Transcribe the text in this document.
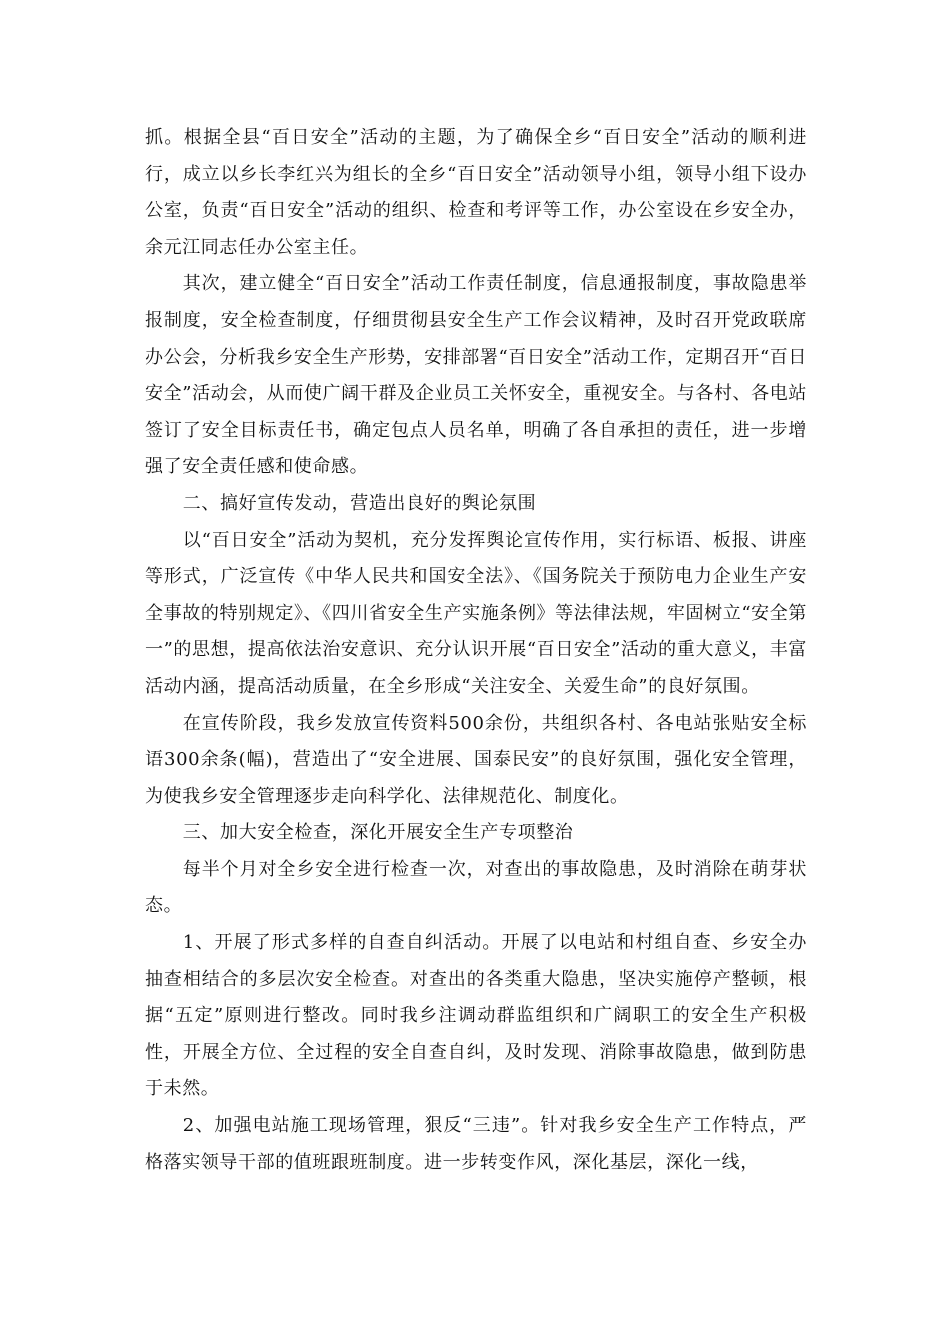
抓。根据全县“百日安全”活动的主题，为了确保全乡“百日安全”活动的顺利进行，成立以乡长李红兴为组长的全乡“百日安全”活动领导小组，领导小组下设办公室，负责“百日安全”活动的组织、检查和考评等工作，办公室设在乡安全办，余元江同志任办公室主任。

其次，建立健全“百日安全”活动工作责任制度，信息通报制度，事故隐患举报制度，安全检查制度，仔细贯彻县安全生产工作会议精神，及时召开党政联席办公会，分析我乡安全生产形势，安排部署“百日安全”活动工作，定期召开“百日安全”活动会，从而使广阔干群及企业员工关怀安全，重视安全。与各村、各电站签订了安全目标责任书，确定包点人员名单，明确了各自承担的责任，进一步增强了安全责任感和使命感。

二、搞好宣传发动，营造出良好的舆论氛围

以“百日安全”活动为契机，充分发挥舆论宣传作用，实行标语、板报、讲座等形式，广泛宣传《中华人民共和国安全法》、《国务院关于预防电力企业生产安全事故的特别规定》、《四川省安全生产实施条例》等法律法规，牢固树立“安全第一”的思想，提高依法治安意识、充分认识开展“百日安全”活动的重大意义，丰富活动内涵，提高活动质量，在全乡形成“关注安全、关爱生命”的良好氛围。

在宣传阶段，我乡发放宣传资料500余份，共组织各村、各电站张贴安全标语300余条(幅)，营造出了“安全进展、国泰民安”的良好氛围，强化安全管理，为使我乡安全管理逐步走向科学化、法律规范化、制度化。

三、加大安全检查，深化开展安全生产专项整治

每半个月对全乡安全进行检查一次，对查出的事故隐患，及时消除在萌芽状态。

1、开展了形式多样的自查自纠活动。开展了以电站和村组自查、乡安全办抽查相结合的多层次安全检查。对查出的各类重大隐患，坚决实施停产整顿，根据“五定”原则进行整改。同时我乡注调动群监组织和广阔职工的安全生产积极性，开展全方位、全过程的安全自查自纠，及时发现、消除事故隐患，做到防患于未然。

2、加强电站施工现场管理，狠反“三违”。针对我乡安全生产工作特点，严格落实领导干部的值班跟班制度。进一步转变作风，深化基层，深化一线，
